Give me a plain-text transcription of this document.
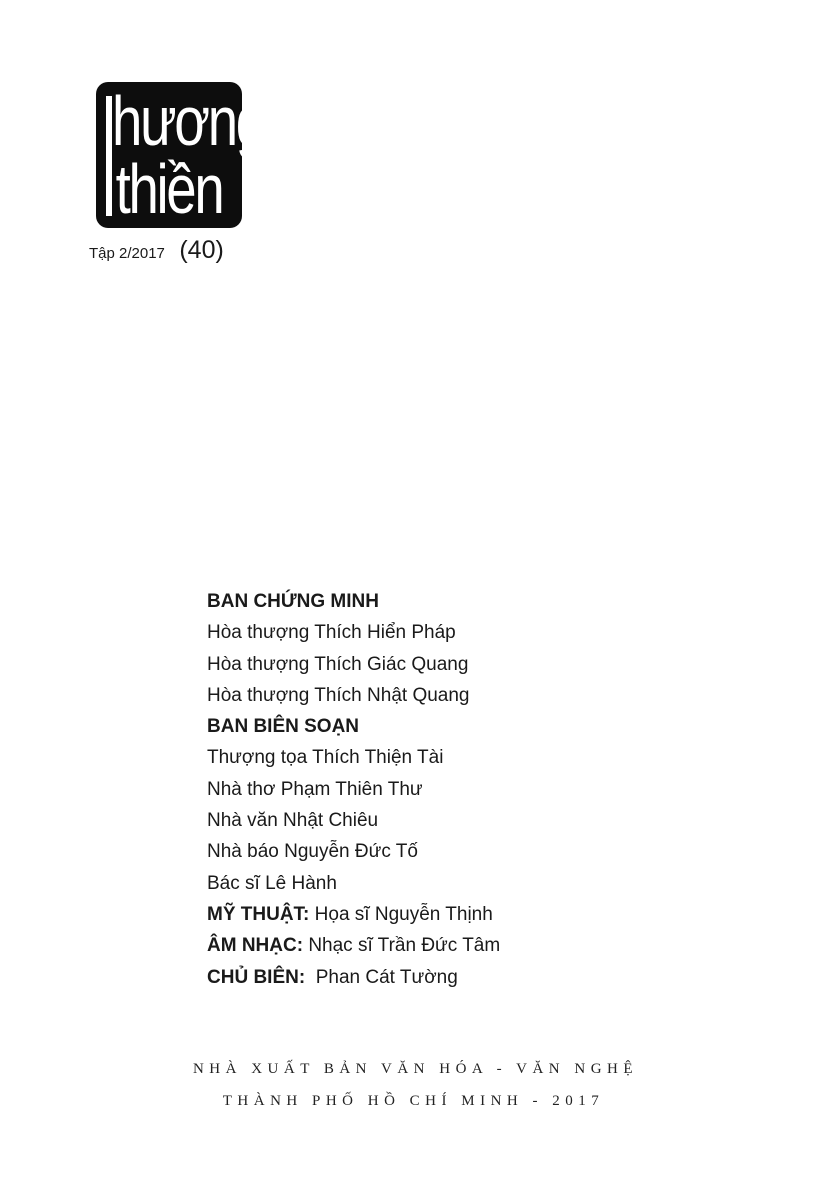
hương
thiền
Tập 2/2017 (40)
BAN CHỨNG MINH
Hòa thượng Thích Hiển Pháp
Hòa thượng Thích Giác Quang
Hòa thượng Thích Nhật Quang
BAN BIÊN SOẠN
Thượng tọa Thích Thiện Tài
Nhà thơ Phạm Thiên Thư
Nhà văn Nhật Chiêu
Nhà báo Nguyễn Đức Tố
Bác sĩ Lê Hành
MỸ THUẬT: Họa sĩ Nguyễn Thịnh
ÂM NHẠC: Nhạc sĩ Trần Đức Tâm
CHỦ BIÊN:  Phan Cát Tường
NHÀ XUẤT BẢN VĂN HÓA - VĂN NGHỆ
THÀNH PHỐ HỒ CHÍ MINH - 2017
